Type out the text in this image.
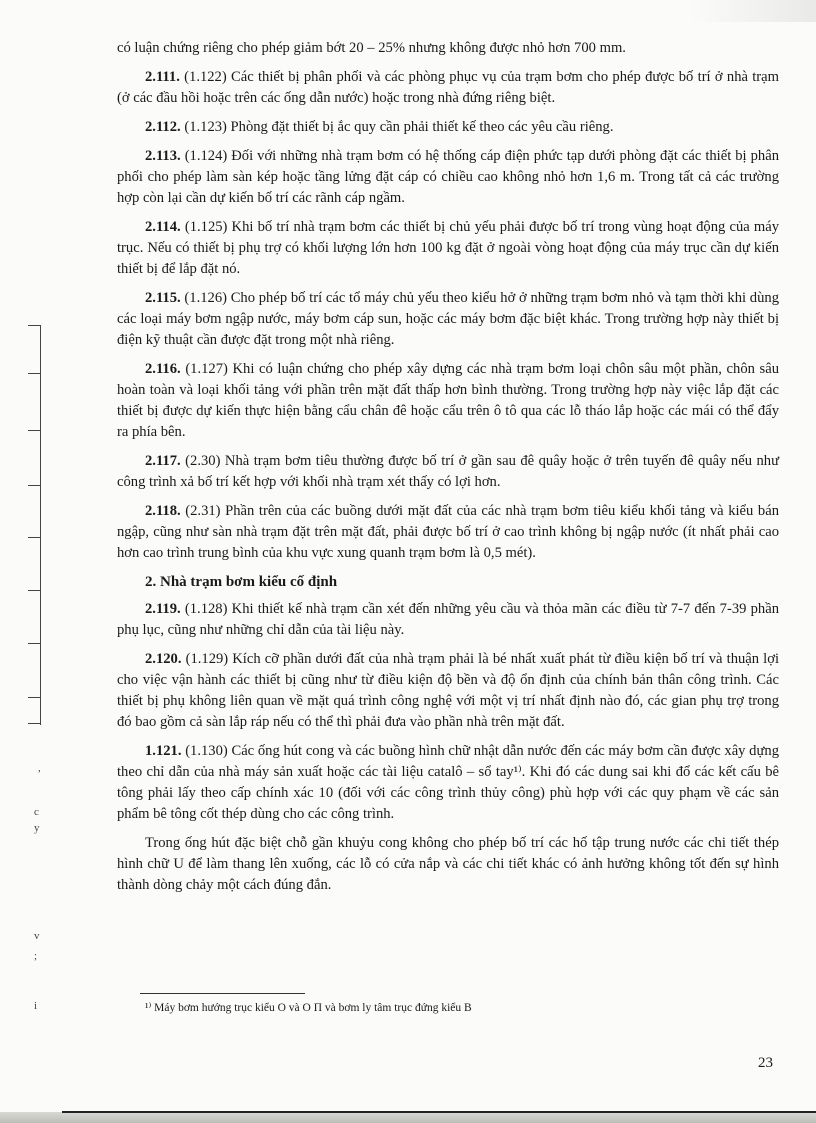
,
c
y
v
;
i

có luận chứng riêng cho phép giảm bớt 20 – 25% nhưng không được nhỏ hơn 700 mm.

2.111. (1.122) Các thiết bị phân phối và các phòng phục vụ của trạm bơm cho phép được bố trí ở nhà trạm (ở các đầu hồi hoặc trên các ống dẫn nước) hoặc trong nhà đứng riêng biệt.

2.112. (1.123) Phòng đặt thiết bị ắc quy cần phải thiết kế theo các yêu cầu riêng.

2.113. (1.124) Đối với những nhà trạm bơm có hệ thống cáp điện phức tạp dưới phòng đặt các thiết bị phân phối cho phép làm sàn kép hoặc tầng lửng đặt cáp có chiều cao không nhỏ hơn 1,6 m. Trong tất cả các trường hợp còn lại cần dự kiến bố trí các rãnh cáp ngầm.

2.114. (1.125) Khi bố trí nhà trạm bơm các thiết bị chủ yếu phải được bố trí trong vùng hoạt động của máy trục. Nếu có thiết bị phụ trợ có khối lượng lớn hơn 100 kg đặt ở ngoài vòng hoạt động của máy trục cần dự kiến thiết bị để lắp đặt nó.

2.115. (1.126) Cho phép bố trí các tổ máy chủ yếu theo kiểu hở ở những trạm bơm nhỏ và tạm thời khi dùng các loại máy bơm ngập nước, máy bơm cáp sun, hoặc các máy bơm đặc biệt khác. Trong trường hợp này thiết bị điện kỹ thuật cần được đặt trong một nhà riêng.

2.116. (1.127) Khi có luận chứng cho phép xây dựng các nhà trạm bơm loại chôn sâu một phần, chôn sâu hoàn toàn và loại khối tảng với phần trên mặt đất thấp hơn bình thường. Trong trường hợp này việc lắp đặt các thiết bị được dự kiến thực hiện bằng cẩu chân đê hoặc cẩu trên ô tô qua các lỗ tháo lắp hoặc các mái có thể đẩy ra phía bên.

2.117. (2.30) Nhà trạm bơm tiêu thường được bố trí ở gần sau đê quây hoặc ở trên tuyến đê quây nếu như công trình xả bố trí kết hợp với khối nhà trạm xét thấy có lợi hơn.

2.118. (2.31) Phần trên của các buồng dưới mặt đất của các nhà trạm bơm tiêu kiểu khối tảng và kiểu bán ngập, cũng như sàn nhà trạm đặt trên mặt đất, phải được bố trí ở cao trình không bị ngập nước (ít nhất phải cao hơn cao trình trung bình của khu vực xung quanh trạm bơm là 0,5 mét).

2. Nhà trạm bơm kiểu cố định

2.119. (1.128) Khi thiết kế nhà trạm cần xét đến những yêu cầu và thỏa mãn các điều từ 7-7 đến 7-39 phần phụ lục, cũng như những chỉ dẫn của tài liệu này.

2.120. (1.129) Kích cỡ phần dưới đất của nhà trạm phải là bé nhất xuất phát từ điều kiện bố trí và thuận lợi cho việc vận hành các thiết bị cũng như từ điều kiện độ bền và độ ổn định của chính bản thân công trình. Các thiết bị phụ không liên quan về mặt quá trình công nghệ với một vị trí nhất định nào đó, các gian phụ trợ trong đó bao gồm cả sàn lắp ráp nếu có thể thì phải đưa vào phần nhà trên mặt đất.

1.121. (1.130) Các ống hút cong và các buồng hình chữ nhật dẫn nước đến các máy bơm cần được xây dựng theo chỉ dẫn của nhà máy sản xuất hoặc các tài liệu catalô – sổ tay¹⁾. Khi đó các dung sai khi đổ các kết cấu bê tông phải lấy theo cấp chính xác 10 (đối với các công trình thủy công) phù hợp với các quy phạm về các sản phẩm bê tông cốt thép dùng cho các công trình.

Trong ống hút đặc biệt chỗ gần khuỷu cong không cho phép bố trí các hố tập trung nước các chi tiết thép hình chữ U để làm thang lên xuống, các lỗ có cửa nắp và các chi tiết khác có ảnh hưởng không tốt đến sự hình thành dòng chảy một cách đúng đắn.

¹⁾ Máy bơm hướng trục kiểu O và O Π và bơm ly tâm trục đứng kiểu B
23
